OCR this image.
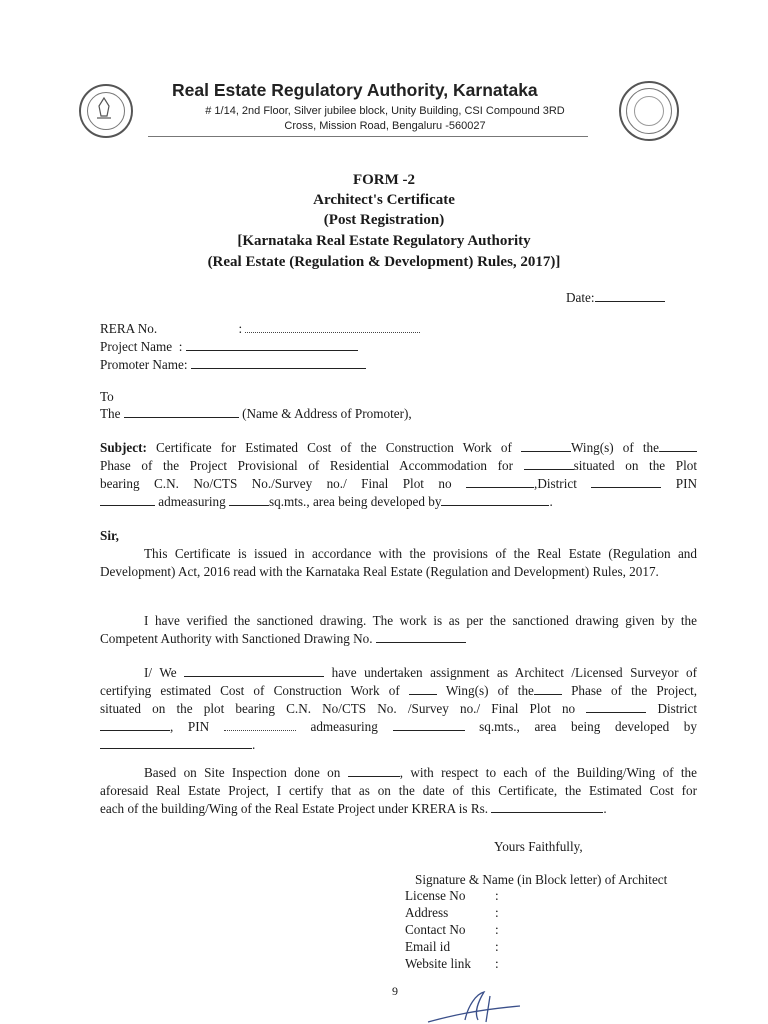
Real Estate Regulatory Authority, Karnataka
# 1/14, 2nd Floor, Silver jubilee block, Unity Building, CSI Compound 3RD
Cross, Mission Road, Bengaluru -560027
FORM -2
Architect's Certificate
(Post Registration)
[Karnataka Real Estate Regulatory Authority
(Real Estate (Regulation & Development) Rules, 2017)]
Date:
RERA No.	:
Project Name  :
Promoter Name:
To
The	(Name & Address of Promoter),
Subject: Certificate for Estimated Cost of the Construction Work of	Wing(s) of the
Phase of the Project Provisional of Residential Accommodation for	situated on the Plot
bearing C.N. No/CTS No./Survey no./ Final Plot no	,District	PIN
admeasuring	sq.mts., area being developed by	.
Sir,
This Certificate is issued in accordance with the provisions of the Real Estate (Regulation and Development) Act, 2016 read with the Karnataka Real Estate (Regulation and Development) Rules, 2017.
I have verified the sanctioned drawing. The work is as per the sanctioned drawing given by the Competent Authority with Sanctioned Drawing No.
I/ We	have undertaken assignment as Architect /Licensed Surveyor of
certifying estimated Cost of Construction Work of	Wing(s) of the	Phase of the Project,
situated on the plot bearing C.N. No/CTS No. /Survey no./ Final Plot no	District
, PIN	admeasuring	sq.mts., area being developed by
.
Based on Site Inspection done on	, with respect to each of the Building/Wing of the
aforesaid Real Estate Project, I certify that as on the date of this Certificate, the Estimated Cost for
each of the building/Wing of the Real Estate Project under KRERA is Rs.	.
Yours Faithfully,
Signature & Name (in Block letter) of Architect
License No :
Address	:
Contact No :
Email id	:
Website link :
9
